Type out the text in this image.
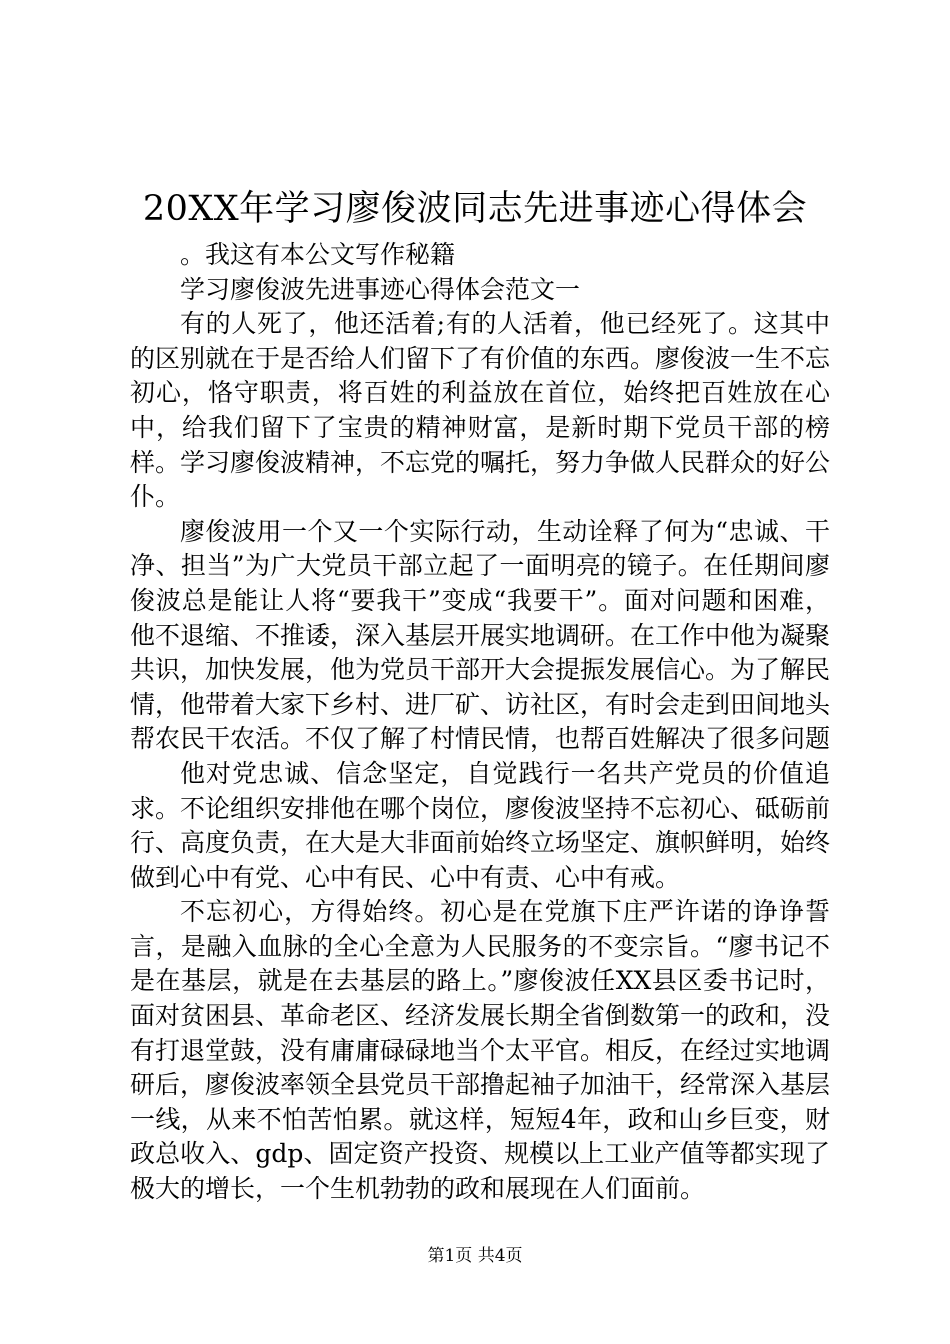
20XX年学习廖俊波同志先进事迹心得体会

。我这有本公文写作秘籍

学习廖俊波先进事迹心得体会范文一

有的人死了，他还活着;有的人活着，他已经死了。这其中的区别就在于是否给人们留下了有价值的东西。廖俊波一生不忘初心，恪守职责，将百姓的利益放在首位，始终把百姓放在心中，给我们留下了宝贵的精神财富，是新时期下党员干部的榜样。学习廖俊波精神，不忘党的嘱托，努力争做人民群众的好公仆。

廖俊波用一个又一个实际行动，生动诠释了何为“忠诚、干净、担当”为广大党员干部立起了一面明亮的镜子。在任期间廖俊波总是能让人将“要我干”变成“我要干”。面对问题和困难，他不退缩、不推诿，深入基层开展实地调研。在工作中他为凝聚共识，加快发展，他为党员干部开大会提振发展信心。为了解民情，他带着大家下乡村、进厂矿、访社区，有时会走到田间地头帮农民干农活。不仅了解了村情民情，也帮百姓解决了很多问题

他对党忠诚、信念坚定，自觉践行一名共产党员的价值追求。不论组织安排他在哪个岗位，廖俊波坚持不忘初心、砥砺前行、高度负责，在大是大非面前始终立场坚定、旗帜鲜明，始终做到心中有党、心中有民、心中有责、心中有戒。

不忘初心，方得始终。初心是在党旗下庄严许诺的诤诤誓言，是融入血脉的全心全意为人民服务的不变宗旨。“廖书记不是在基层，就是在去基层的路上。”廖俊波任XX县区委书记时，面对贫困县、革命老区、经济发展长期全省倒数第一的政和，没有打退堂鼓，没有庸庸碌碌地当个太平官。相反，在经过实地调研后，廖俊波率领全县党员干部撸起袖子加油干，经常深入基层一线，从来不怕苦怕累。就这样，短短4年，政和山乡巨变，财政总收入、gdp、固定资产投资、规模以上工业产值等都实现了极大的增长，一个生机勃勃的政和展现在人们面前。

第1页 共4页
